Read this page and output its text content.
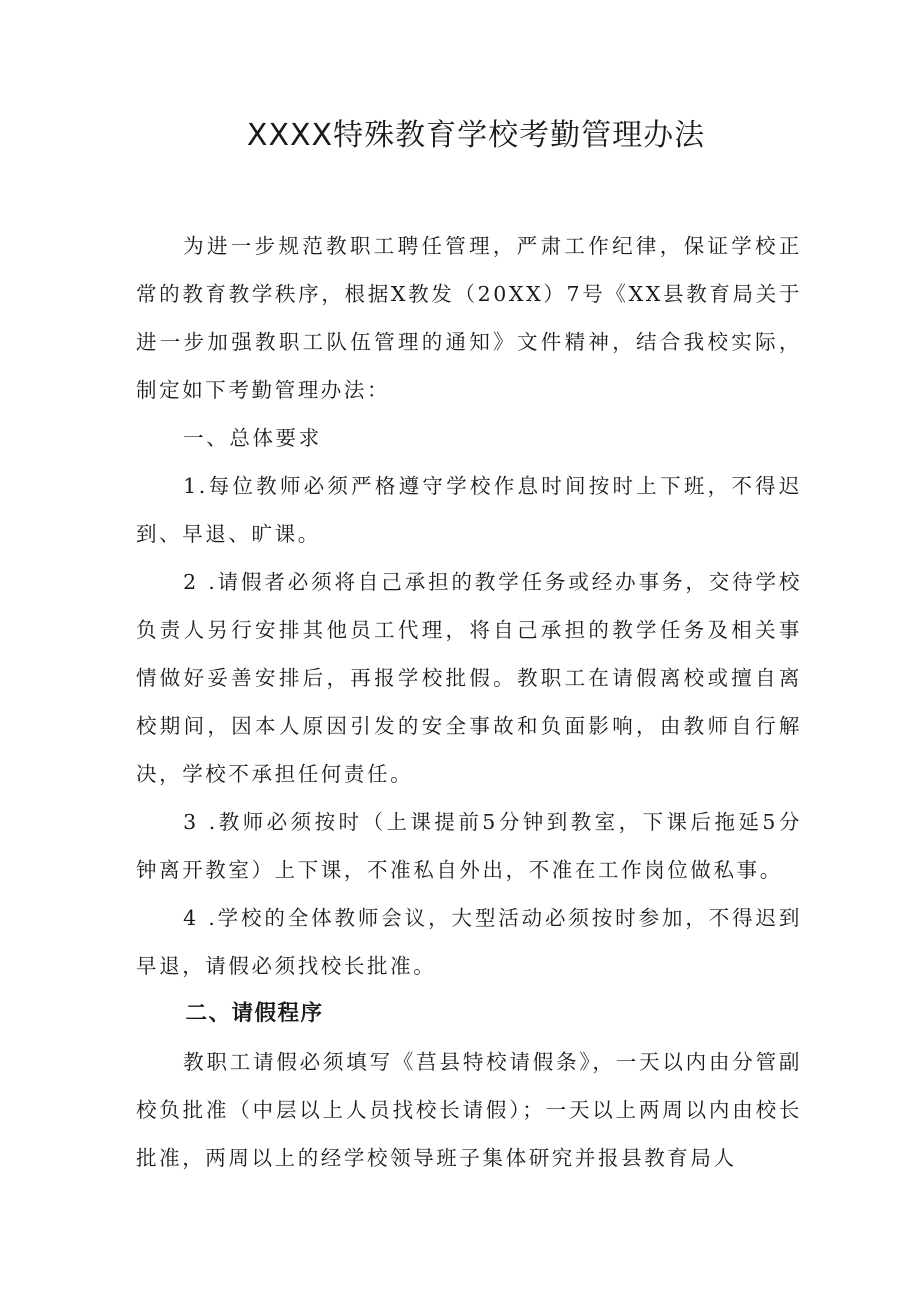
XXXX特殊教育学校考勤管理办法

为进一步规范教职工聘任管理，严肃工作纪律，保证学校正常的教育教学秩序，根据X教发（20XX）7号《XX县教育局关于进一步加强教职工队伍管理的通知》文件精神，结合我校实际，制定如下考勤管理办法：

一、总体要求

1.每位教师必须严格遵守学校作息时间按时上下班，不得迟到、早退、旷课。

2 .请假者必须将自己承担的教学任务或经办事务，交待学校负责人另行安排其他员工代理，将自己承担的教学任务及相关事情做好妥善安排后，再报学校批假。教职工在请假离校或擅自离校期间，因本人原因引发的安全事故和负面影响，由教师自行解决，学校不承担任何责任。

3 .教师必须按时（上课提前5分钟到教室，下课后拖延5分钟离开教室）上下课，不准私自外出，不准在工作岗位做私事。

4 .学校的全体教师会议，大型活动必须按时参加，不得迟到早退，请假必须找校长批准。

二、请假程序

教职工请假必须填写《莒县特校请假条》，一天以内由分管副校负批准（中层以上人员找校长请假）；一天以上两周以内由校长批准，两周以上的经学校领导班子集体研究并报县教育局人
